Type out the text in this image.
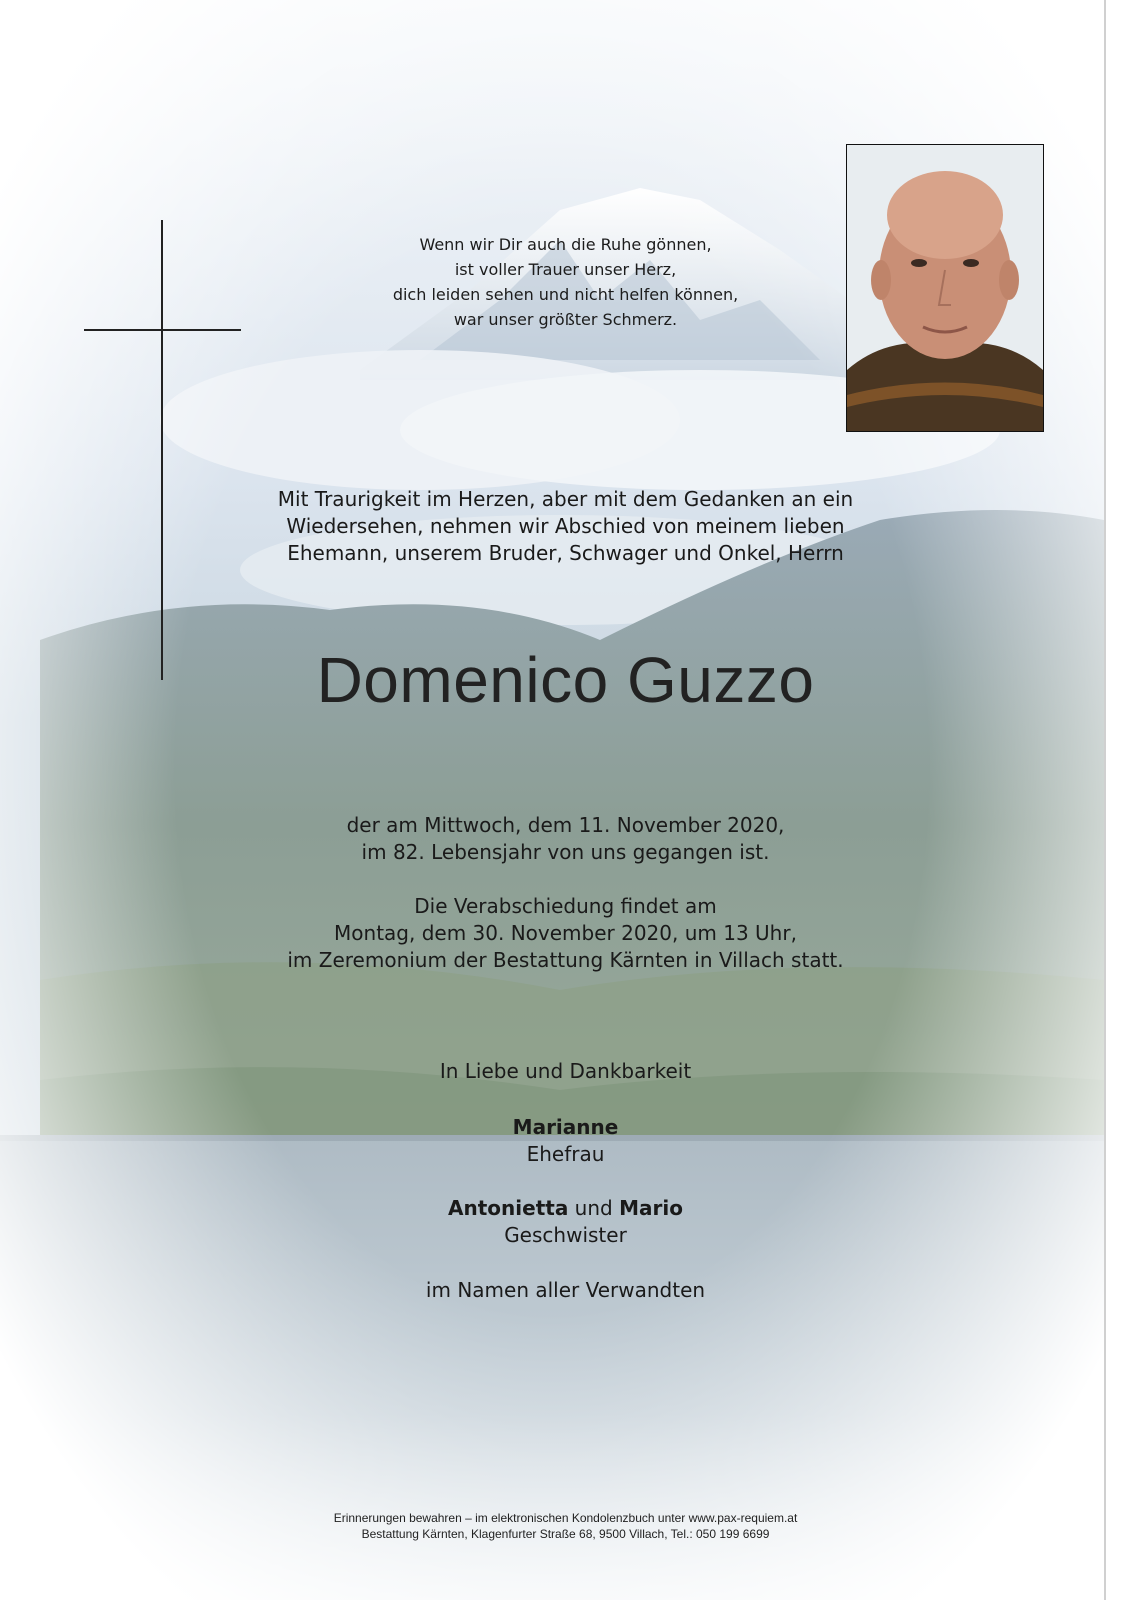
Wenn wir Dir auch die Ruhe gönnen,
ist voller Trauer unser Herz,
dich leiden sehen und nicht helfen können,
war unser größter Schmerz.
Mit Traurigkeit im Herzen, aber mit dem Gedanken an ein
Wiedersehen, nehmen wir Abschied von meinem lieben
Ehemann, unserem Bruder, Schwager und Onkel, Herrn
Domenico Guzzo
der am Mittwoch, dem 11. November 2020,
im 82. Lebensjahr von uns gegangen ist.
Die Verabschiedung findet am
Montag, dem 30. November 2020, um 13 Uhr,
im Zeremonium der Bestattung Kärnten in Villach statt.
In Liebe und Dankbarkeit
Marianne
Ehefrau
Antonietta und Mario
Geschwister
im Namen aller Verwandten
Erinnerungen bewahren – im elektronischen Kondolenzbuch unter www.pax-requiem.at
Bestattung Kärnten, Klagenfurter Straße 68, 9500 Villach, Tel.: 050 199 6699
